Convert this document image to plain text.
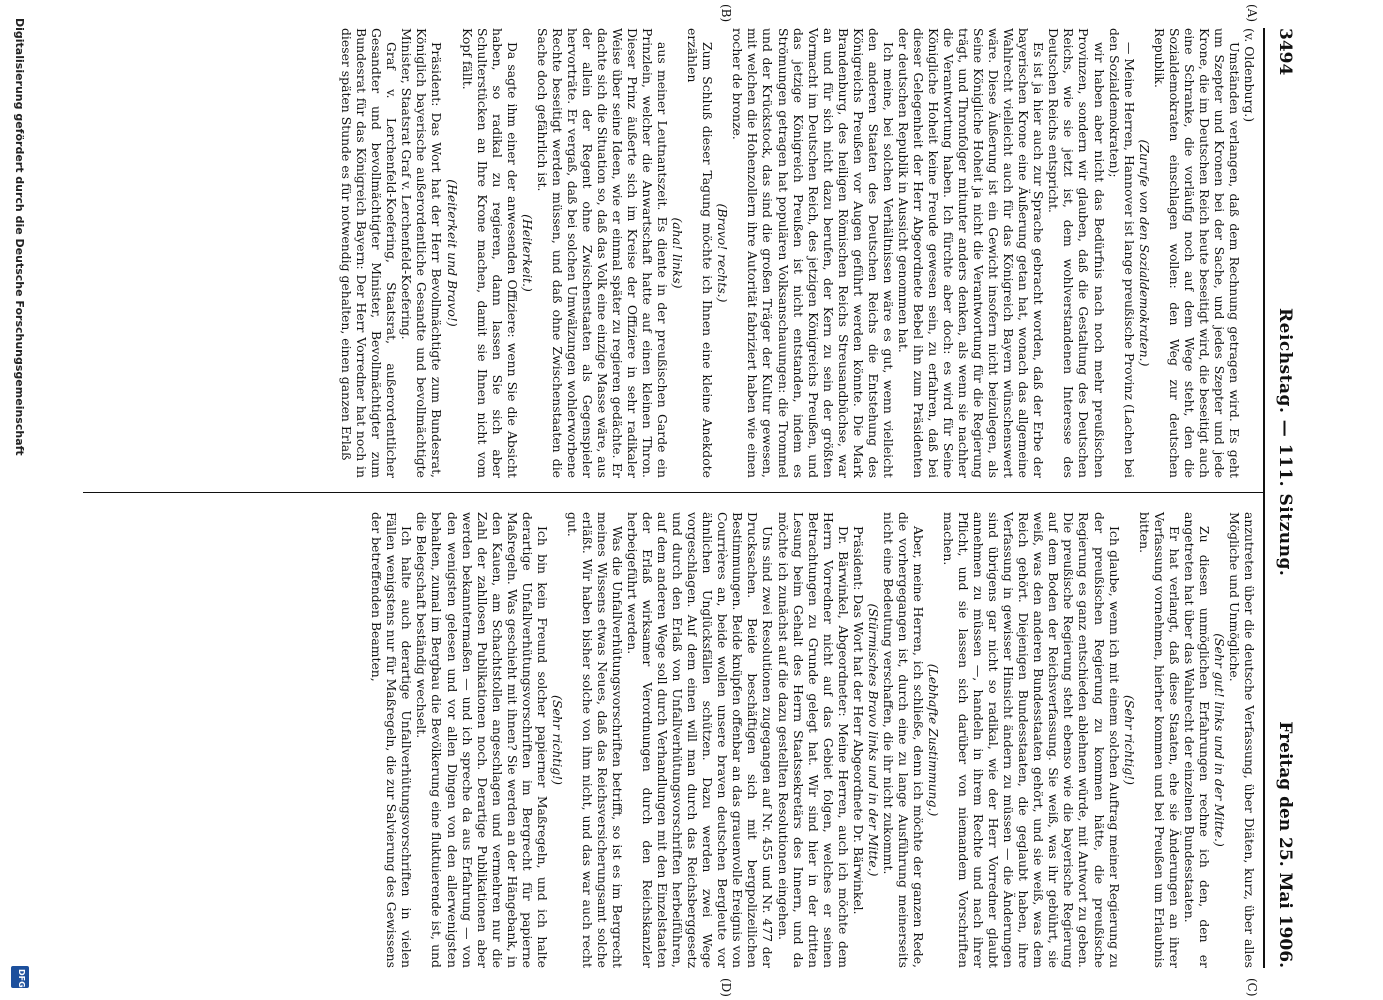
3494
Reichstag. — 111. Sitzung.
Freitag den 25. Mai 1906.
(A)
(B)
(C)
(D)

(v. Oldenburg.)

Umständen verlangen, daß dem Rechnung getragen wird. Es geht um Szepter und Kronen bei der Sache, und jedes Szepter und jede Krone, die im Deutschen Reich heute beseitigt wird, die beseitigt auch eine Schranke, die vorläufig noch auf dem Wege steht, den die Sozialdemokraten einschlagen wollen: den Weg zur deutschen Republik.

(Zurufe von den Sozialdemokraten.)

— Meine Herren, Hannover ist lange preußische Provinz (Lachen bei den Sozialdemokraten);

wir haben aber nicht das Bedürfnis nach noch mehr preußischen Provinzen, sondern wir glauben, daß die Gestaltung des Deutschen Reichs, wie sie jetzt ist, dem wohlverstandenen Interesse des Deutschen Reichs entspricht.

Es ist ja hier auch zur Sprache gebracht worden, daß der Erbe der bayerischen Krone eine Äußerung getan hat, wonach das allgemeine Wahlrecht vielleicht auch für das Königreich Bayern wünschenswert wäre. Diese Äußerung ist ein Gewicht insofern nicht beizulegen, als Seine Königliche Hoheit ja nicht die Verantwortung für die Regierung trägt, und Thronfolger mitunter anders denken, als wenn sie nachher die Verantwortung haben. Ich fürchte aber doch: es wird für Seine Königliche Hoheit keine Freude gewesen sein, zu erfahren, daß bei dieser Gelegenheit der Herr Abgeordnete Bebel ihn zum Präsidenten der deutschen Republik in Aussicht genommen hat.

Ich meine, bei solchen Verhältnissen wäre es gut, wenn vielleicht den anderen Staaten des Deutschen Reichs die Entstehung des Königreichs Preußen vor Augen geführt werden könnte. Die Mark Brandenburg, des heiligen Römischen Reichs Streusandbüchse, war an und für sich nicht dazu berufen, der Kern zu sein der größten Vormacht im Deutschen Reich, des jetzigen Königreichs Preußen, und das jetzige Königreich Preußen ist nicht entstanden, indem es Strömungen getragen hat populären Volksanschauungen: die Trommel und der Krückstock, das sind die großen Träger der Kultur gewesen, mit welchen die Hohenzollern ihre Autorität fabriziert haben wie einen rocher de bronze.

(Bravo! rechts.)

Zum Schluß dieser Tagung möchte ich Ihnen eine kleine Anekdote erzählen

(aha! links)

aus meiner Leutnantszeit. Es diente in der preußischen Garde ein Prinzlein, welcher die Anwartschaft hatte auf einen kleinen Thron. Dieser Prinz äußerte sich im Kreise der Offiziere in sehr radikaler Weise über seine Ideen, wie er einmal später zu regieren gedächte. Er dachte sich die Situation so, daß das Volk eine einzige Masse wäre, aus der allein der Regent ohne Zwischenstaaten als Gegenspieler hervorträte. Er vergaß, daß bei solchen Umwälzungen wohlerworbene Rechte beseitigt werden müssen, und daß ohne Zwischenstaaten die Sache doch gefährlich ist.

(Heiterkeit.)

Da sagte ihm einer der anwesenden Offiziere: wenn Sie die Absicht haben, so radikal zu regieren, dann lassen Sie sich aber Schulterstücken an Ihre Krone machen, damit sie Ihnen nicht vom Kopf fällt.

(Heiterkeit und Bravo!)

Präsident: Das Wort hat der Herr Bevollmächtigte zum Bundesrat, Königlich bayerische außerordentliche Gesandte und bevollmächtigte Minister, Staatsrat Graf v. Lerchenfeld-Koefering.

Graf v. Lerchenfeld-Koefering, Staatsrat, außerordentlicher Gesandter und bevollmächtigter Minister, Bevollmächtigter zum Bundesrat für das Königreich Bayern: Der Herr Vorredner hat noch in dieser späten Stunde es für notwendig gehalten, einen ganzen Erlaß

anzutreten über die deutsche Verfassung, über Diäten, kurz, über alles Mögliche und Unmögliche.

(Sehr gut! links und in der Mitte.)

Zu diesen unmöglichen Erfahrungen rechne ich den, den er angetreten hat über das Wahlrecht der einzelnen Bundesstaaten.

Er hat verlangt, daß diese Staaten, ehe sie Änderungen an ihrer Verfassung vornehmen, hierher kommen und bei Preußen um Erlaubnis bitten.

(Sehr richtig!)

Ich glaube, wenn ich mit einem solchen Auftrag meiner Regierung zu der preußischen Regierung zu kommen hätte, die preußische Regierung es ganz entschieden ablehnen würde, mit Antwort zu geben. Die preußische Regierung steht ebenso wie die bayerische Regierung auf dem Boden der Reichsverfassung. Sie weiß, was ihr gebührt, sie weiß, was den anderen Bundesstaaten gehört, und sie weiß, was dem Reich gehört. Diejenigen Bundesstaaten, die geglaubt haben, ihre Verfassung in gewisser Hinsicht ändern zu müssen — die Änderungen sind übrigens gar nicht so radikal, wie der Herr Vorredner glaubt annehmen zu müssen —, handeln in ihrem Rechte und nach ihrer Pflicht, und sie lassen sich darüber von niemandem Vorschriften machen.

(Lebhafte Zustimmung.)

Aber, meine Herren, ich schließe, denn ich möchte der ganzen Rede, die vorhergegangen ist, durch eine zu lange Ausführung meinerseits nicht eine Bedeutung verschaffen, die ihr nicht zukommt.

(Stürmisches Bravo links und in der Mitte.)

Präsident: Das Wort hat der Herr Abgeordnete Dr. Bärwinkel.

Dr. Bärwinkel, Abgeordneter: Meine Herren, auch ich möchte dem Herrn Vorredner nicht auf das Gebiet folgen, welches er seinen Betrachtungen zu Grunde gelegt hat. Wir sind hier in der dritten Lesung beim Gehalt des Herrn Staatssekretärs des Innern, und da möchte ich zunächst auf die dazu gestellten Resolutionen eingehen.

Uns sind zwei Resolutionen zugegangen auf Nr. 455 und Nr. 477 der Drucksachen. Beide beschäftigen sich mit bergpolizeilichen Bestimmungen. Beide knüpfen offenbar an das grauenvolle Ereignis von Courrières an, beide wollen unsere braven deutschen Bergleute vor ähnlichen Unglücksfällen schützen. Dazu werden zwei Wege vorgeschlagen. Auf dem einen will man durch das Reichsberggesetz und durch den Erlaß von Unfallverhütungsvorschriften herbeiführen, auf dem anderen Wege soll durch Verhandlungen mit den Einzelstaaten der Erlaß wirksamer Verordnungen durch den Reichskanzler herbeigeführt werden.

Was die Unfallverhütungsvorschriften betrifft, so ist es im Bergrecht meines Wissens etwas Neues, daß das Reichsversicherungsamt solche erläßt. Wir haben bisher solche von ihm nicht, und das war auch recht gut.

(Sehr richtig!)

Ich bin kein Freund solcher papierner Maßregeln, und ich halte derartige Unfallverhütungsvorschriften im Bergrecht für papierne Maßregeln. Was geschieht mit ihnen? Sie werden an der Hängebank, in den Kauen, am Schachtstollen angeschlagen und vermehren nur die Zahl der zahllosen Publikationen noch. Derartige Publikationen aber werden bekanntermaßen — und ich spreche da aus Erfahrung — von den wenigsten gelesen und vor allen Dingen von den allerwenigsten behalten, zumal im Bergbau die Bevölkerung eine fluktuierende ist, und die Belegschaft beständig wechselt.

Ich halte auch derartige Unfallverhütungsvorschriften in vielen Fällen wenigstens nur für Maßregeln, die zur Salvierung des Gewissens der betreffenden Beamten,

Digitalisierung gefördert durch die Deutsche Forschungsgemeinschaft
DFG
